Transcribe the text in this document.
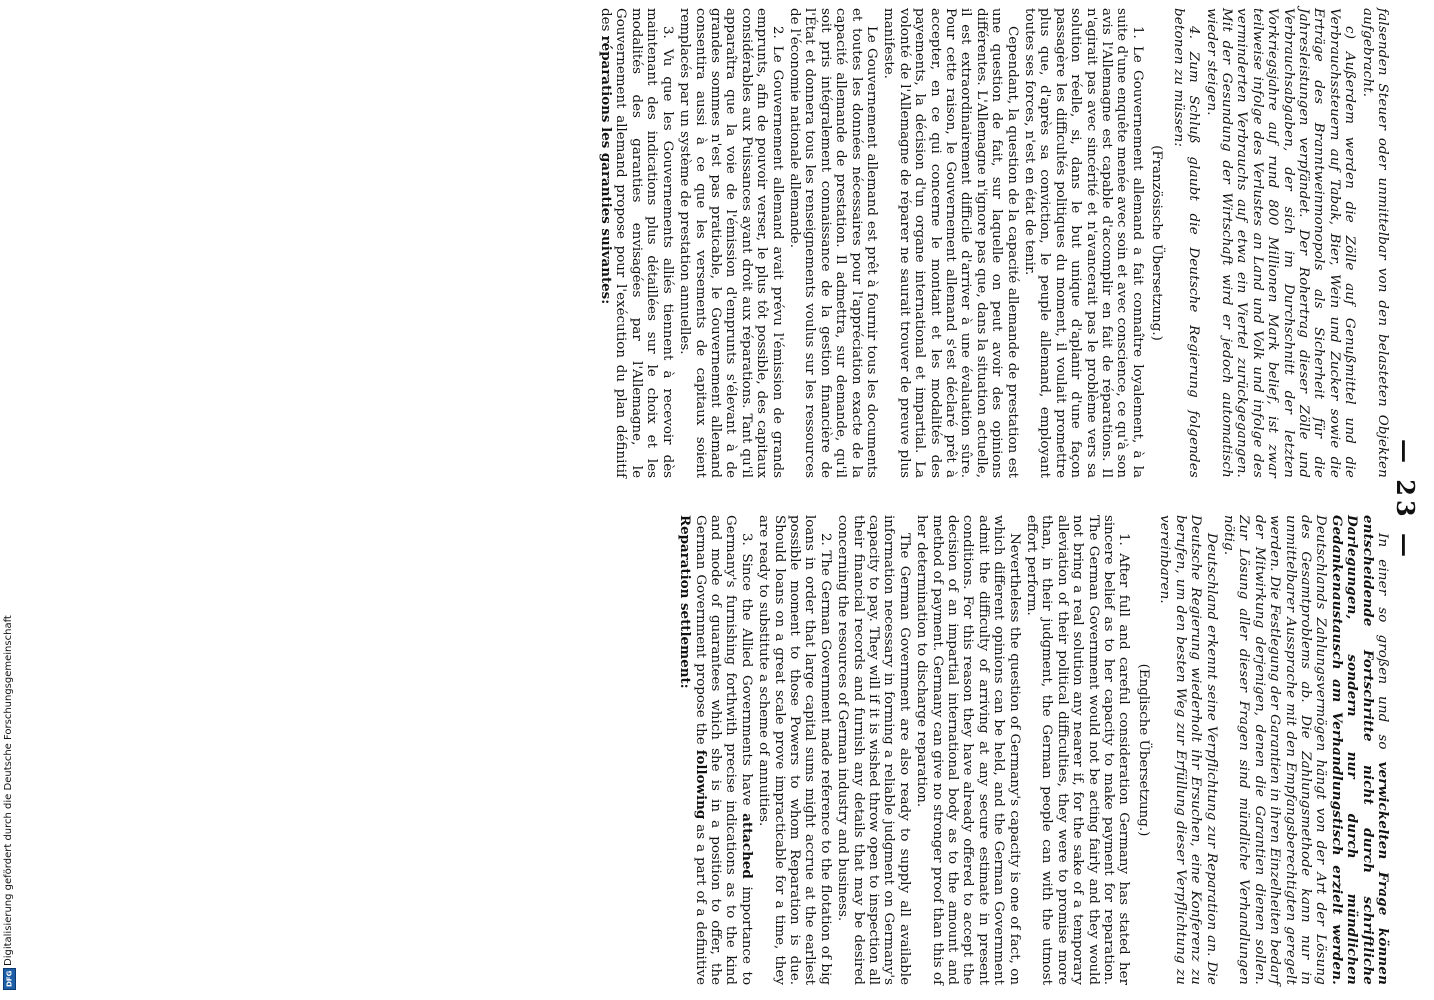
— 23 —

falsenden Steuer oder unmittelbar von den belasteten Objekten aufgebracht.

c) Außerdem werden die Zölle auf Genußmittel und die Verbrauchssteuern auf Tabak, Bier, Wein und Zucker sowie die Erträge des Branntweinmonopols als Sicherheit für die Jahresleistungen verpfändet. Der Rohertrag dieser Zölle und Verbrauchsabgaben, der sich im Durchschnitt der letzten Vorkriegsjahre auf rund 800 Millionen Mark belief, ist zwar teilweise infolge des Verlustes an Land und Volk und infolge des verminderten Verbrauchs auf etwa ein Viertel zurückgegangen. Mit der Gesundung der Wirtschaft wird er jedoch automatisch wieder steigen.

4. Zum Schluß glaubt die Deutsche Regierung folgendes betonen zu müssen:

(Französische Übersetzung.)

1. Le Gouvernement allemand a fait connaître loyalement, à la suite d'une enquête menée avec soin et avec conscience, ce qu'à son avis l'Allemagne est capable d'accomplir en fait de réparations. Il n'agirait pas avec sincérité et n'avancerait pas le problème vers sa solution réelle, si, dans le but unique d'aplanir d'une façon passagère les difficultés politiques du moment, il voulait promettre plus que, d'après sa conviction, le peuple allemand, employant toutes ses forces, n'est en état de tenir.

Cependant, la question de la capacité allemande de prestation est une question de fait, sur laquelle on peut avoir des opinions différentes. L'Allemagne n'ignore pas que, dans la situation actuelle, il est extraordinairement difficile d'arriver à une évaluation sûre. Pour cette raison, le Gouvernement allemand s'est déclaré prêt à accepter, en ce qui concerne le montant et les modalités des payements, la décision d'un organe international et impartial. La volonté de l'Allemagne de réparer ne saurait trouver de preuve plus manifeste.

Le Gouvernement allemand est prêt à fournir tous les documents et toutes les données nécessaires pour l'appréciation exacte de la capacité allemande de prestation. Il admettra, sur demande, qu'il soit pris intégralement connaissance de la gestion financière de l'État et donnera tous les renseignements voulus sur les ressources de l'économie nationale allemande.

2. Le Gouvernement allemand avait prévu l'émission de grands emprunts, afin de pouvoir verser, le plus tôt possible, des capitaux considérables aux Puissances ayant droit aux réparations. Tant qu'il apparaîtra que la voie de l'émission d'emprunts s'élevant à de grandes sommes n'est pas praticable, le Gouvernement allemand consentira aussi à ce que les versements de capitaux soient remplacés par un système de prestation annuelles.

3. Vu que les Gouvernements alliés tiennent à recevoir dès maintenant des indications plus détaillées sur le choix et les modalités des garanties envisagées par l'Allemagne, le Gouvernement allemand propose pour l'exécution du plan définitif des réparations les garanties suivantes:

In einer so großen und so verwickelten Frage können entscheidende Fortschritte nicht durch schriftliche Darlegungen, sondern nur durch mündlichen Gedankenaustausch am Verhandlungstisch erzielt werden. Deutschlands Zahlungsvermögen hängt von der Art der Lösung des Gesamtproblems ab. Die Zahlungsmethode kann nur in unmittelbarer Aussprache mit den Empfangsberechtigten geregelt werden. Die Festlegung der Garantien in ihren Einzelheiten bedarf der Mitwirkung derjenigen, denen die Garantien dienen sollen. Zur Lösung aller dieser Fragen sind mündliche Verhandlungen nötig.

Deutschland erkennt seine Verpflichtung zur Reparation an. Die Deutsche Regierung wiederholt ihr Ersuchen, eine Konferenz zu berufen, um den besten Weg zur Erfüllung dieser Verpflichtung zu vereinbaren.

(Englische Übersetzung.)

1. After full and careful consideration Germany has stated her sincere belief as to her capacity to make payment for reparation. The German Government would not be acting fairly and they would not bring a real solution any nearer if, for the sake of a temporary alleviation of their political difficulties, they were to promise more than, in their judgment, the German people can with the utmost effort perform.

Nevertheless the question of Germany's capacity is one of fact, on which different opinions can be held, and the German Government admit the difficulty of arriving at any secure estimate in present conditions. For this reason they have already offered to accept the decision of an impartial international body as to the amount and method of payment. Germany can give no stronger proof than this of her determination to discharge reparation.

The German Government are also ready to supply all available information necessary in forming a reliable judgment on Germany's capacity to pay. They will if it is wished throw open to inspection all their financial records and furnish any details that may be desired concerning the resources of German industry and business.

2. The German Government made reference to the flotation of big loans in order that large capital sums might accrue at the earliest possible moment to those Powers to whom Reparation is due. Should loans on a great scale prove impracticable for a time, they are ready to substitute a scheme of annuities.

3. Since the Allied Governments have attached importance to Germany's furnishing forthwith precise indications as to the kind and mode of guarantees which she is in a position to offer, the German Government propose the following as a part of a definitive Reparation settlement:

Digitalisierung gefördert durch die Deutsche Forschungsgemeinschaft
DFG
